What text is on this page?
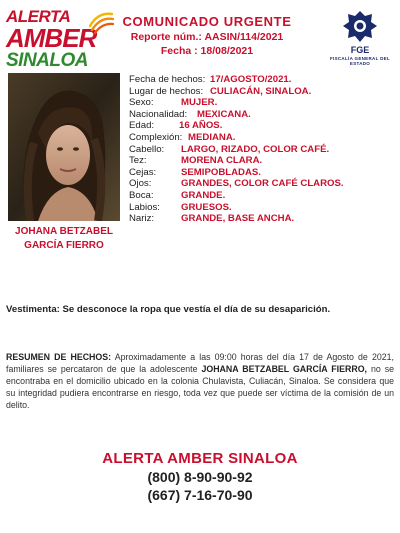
ALERTA
AMBER
SINALOA
COMUNICADO URGENTE
Reporte núm.: AASIN/114/2021
Fecha : 18/08/2021	FGE
FISCALÍA GENERAL DEL ESTADO
JOHANA BETZABEL
GARCÍA FIERRO
Fecha de hechos: 17/AGOSTO/2021.
Lugar de hechos: CULIACÁN, SINALOA.
Sexo:	MUJER.
Nacionalidad: MEXICANA.
Edad:	16 AÑOS.
Complexión: MEDIANA.
Cabello: LARGO, RIZADO, COLOR CAFÉ.
Tez:	MORENA CLARA.
Cejas:	SEMIPOBLADAS.
Ojos:	GRANDES, COLOR CAFÉ CLAROS.
Boca:	GRANDE.
Labios: GRUESOS.
Nariz:	GRANDE, BASE ANCHA.
Vestimenta: Se desconoce la ropa que vestía el día de su desaparición.
RESUMEN DE HECHOS: Aproximadamente a las 09:00 horas del día 17 de Agosto de 2021, familiares se percataron de que la adolescente JOHANA BETZABEL GARCÍA FIERRO, no se encontraba en el domicilio ubicado en la colonia Chulavista, Culiacán, Sinaloa. Se considera que su integridad pudiera encontrarse en riesgo, toda vez que puede ser víctima de la comisión de un delito.
ALERTA AMBER SINALOA
(800) 8-90-90-92
(667) 7-16-70-90
